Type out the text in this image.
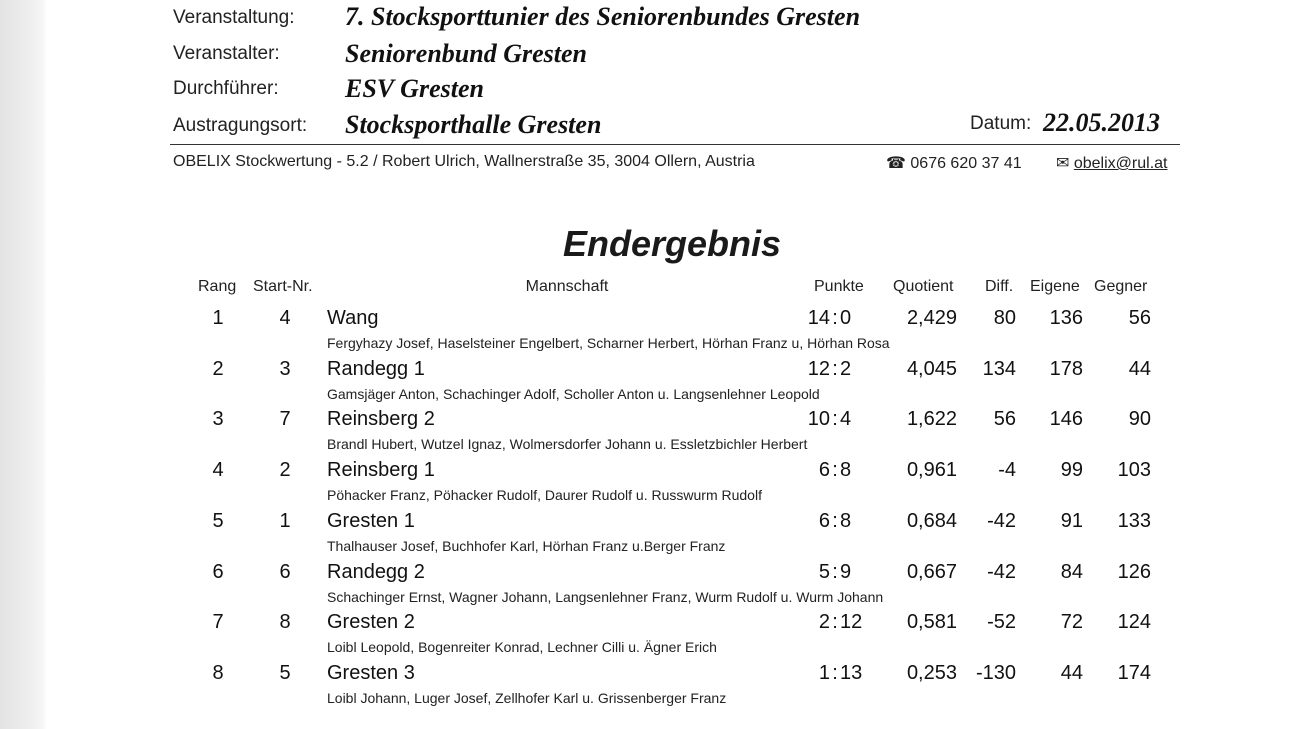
Veranstaltung: 7. Stocksporttunier des Seniorenbundes Gresten
Veranstalter:	Seniorenbund Gresten
Durchführer:	ESV Gresten
Austragungsort: Stocksporthalle Gresten	Datum: 22.05.2013
OBELIX Stockwertung - 5.2 / Robert Ulrich, Wallnerstraße 35, 3004 Ollern, Austria	☎ 0676 620 37 41 ✉ obelix@rul.at
Endergebnis
Rang Start-Nr.	Mannschaft	Punkte Quotient Diff. Eigene Gegner
1	4	Wang	14 0	2,429	80	136	56
:
Fergyhazy Josef, Haselsteiner Engelbert, Scharner Herbert, Hörhan Franz u, Hörhan Rosa
2	3	Randegg 1	12 2	4,045	134	178	44
:
Gamsjäger Anton, Schachinger Adolf, Scholler Anton u. Langsenlehner Leopold
3	7	Reinsberg 2	10 4	1,622	56	146	90
:
Brandl Hubert, Wutzel Ignaz, Wolmersdorfer Johann u. Essletzbichler Herbert
4	2	Reinsberg 1	6 8	0,961	-4	99	103
:
Pöhacker Franz, Pöhacker Rudolf, Daurer Rudolf u. Russwurm Rudolf
5	1	Gresten 1	6 8	0,684	-42	91	133
:
Thalhauser Josef, Buchhofer Karl, Hörhan Franz u.Berger Franz
6	6	Randegg 2	5 9	0,667	-42	84	126
:
Schachinger Ernst, Wagner Johann, Langsenlehner Franz, Wurm Rudolf u. Wurm Johann
7	8	Gresten 2	2 12	0,581	-52	72	124
:
Loibl Leopold, Bogenreiter Konrad, Lechner Cilli u. Ägner Erich
8	5	Gresten 3	1 13	0,253 -130	44	174
:
Loibl Johann, Luger Josef, Zellhofer Karl u. Grissenberger Franz
